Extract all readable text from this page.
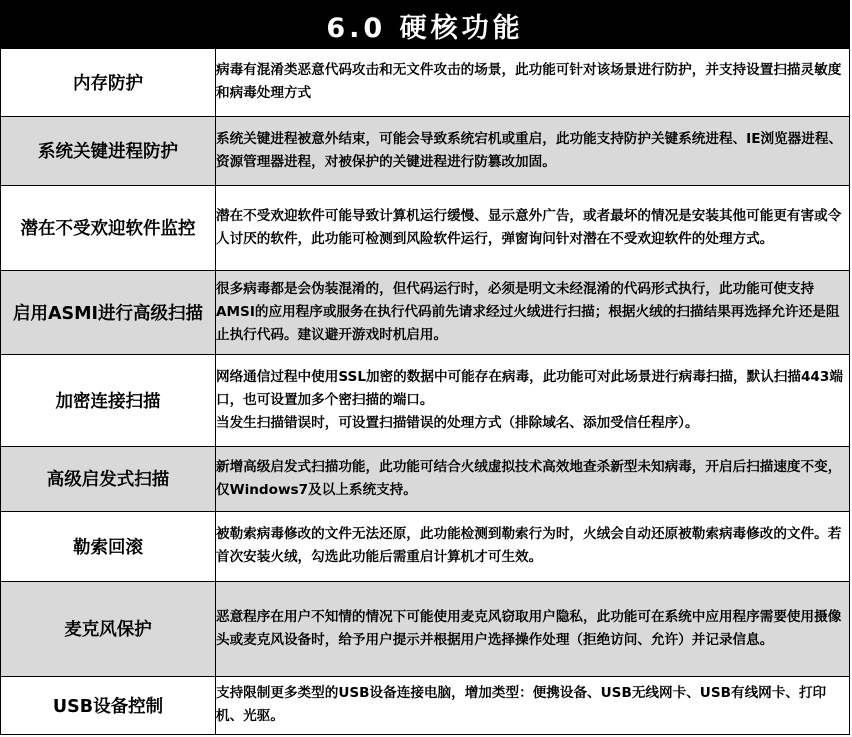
6.0 硬核功能
内存防护	病毒有混淆类恶意代码攻击和无文件攻击的场景，此功能可针对该场景进行防护，并支持设置扫描灵敏度和病毒处理方式

系统关键进程防护	系统关键进程被意外结束，可能会导致系统宕机或重启，此功能支持防护关键系统进程、IE浏览器进程、资源管理器进程，对被保护的关键进程进行防篡改加固。

潜在不受欢迎软件监控	潜在不受欢迎软件可能导致计算机运行缓慢、显示意外广告，或者最坏的情况是安装其他可能更有害或令人讨厌的软件，此功能可检测到风险软件运行，弹窗询问针对潜在不受欢迎软件的处理方式。

启用ASMI进行高级扫描	很多病毒都是会伪装混淆的，但代码运行时，必须是明文未经混淆的代码形式执行，此功能可使支持AMSI的应用程序或服务在执行代码前先请求经过火绒进行扫描；根据火绒的扫描结果再选择允许还是阻止执行代码。建议避开游戏时机启用。

加密连接扫描	网络通信过程中使用SSL加密的数据中可能存在病毒，此功能可对此场景进行病毒扫描，默认扫描443端口，也可设置加多个密扫描的端口。
当发生扫描错误时，可设置扫描错误的处理方式（排除域名、添加受信任程序）。

高级启发式扫描	新增高级启发式扫描功能，此功能可结合火绒虚拟技术高效地查杀新型未知病毒，开启后扫描速度不变，仅Windows7及以上系统支持。

勒索回滚	被勒索病毒修改的文件无法还原，此功能检测到勒索行为时，火绒会自动还原被勒索病毒修改的文件。若首次安装火绒，勾选此功能后需重启计算机才可生效。

麦克风保护	恶意程序在用户不知情的情况下可能使用麦克风窃取用户隐私，此功能可在系统中应用程序需要使用摄像头或麦克风设备时，给予用户提示并根据用户选择操作处理（拒绝访问、允许）并记录信息。

USB设备控制	支持限制更多类型的USB设备连接电脑，增加类型：便携设备、USB无线网卡、USB有线网卡、打印机、光驱。
